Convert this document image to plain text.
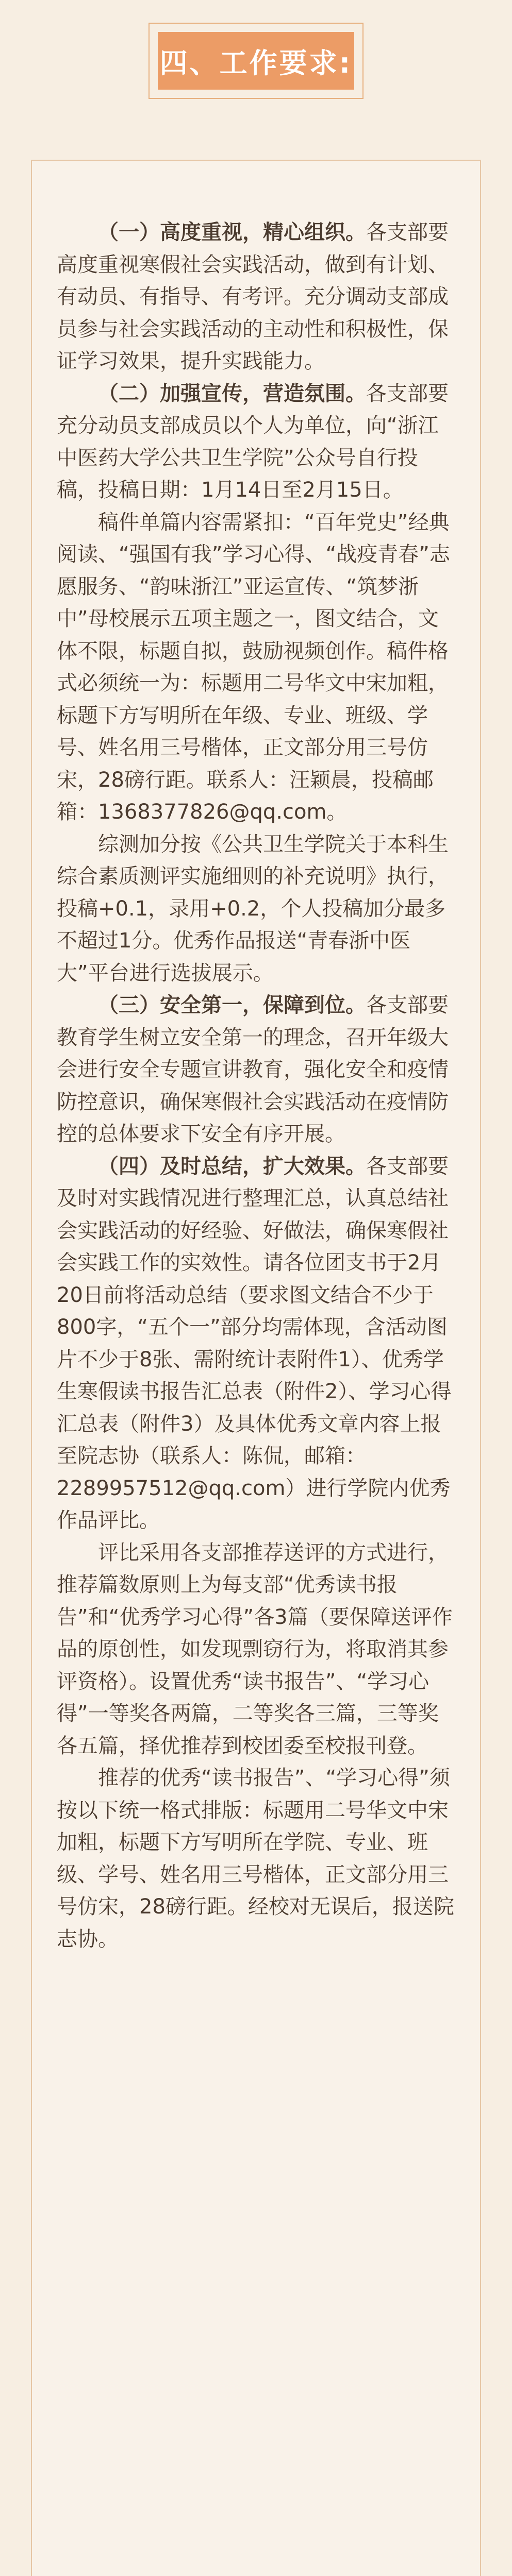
四、工作要求:

（一）高度重视，精心组织。各支部要高度重视寒假社会实践活动，做到有计划、有动员、有指导、有考评。充分调动支部成员参与社会实践活动的主动性和积极性，保证学习效果，提升实践能力。

（二）加强宣传，营造氛围。各支部要充分动员支部成员以个人为单位，向“浙江中医药大学公共卫生学院”公众号自行投稿，投稿日期：1月14日至2月15日。

稿件单篇内容需紧扣：“百年党史”经典阅读、“强国有我”学习心得、“战疫青春”志愿服务、“韵味浙江”亚运宣传、“筑梦浙中”母校展示五项主题之一，图文结合，文体不限，标题自拟，鼓励视频创作。稿件格式必须统一为：标题用二号华文中宋加粗，标题下方写明所在年级、专业、班级、学号、姓名用三号楷体，正文部分用三号仿宋，28磅行距。联系人：汪颖晨，投稿邮箱：1368377826@qq.com。

综测加分按《公共卫生学院关于本科生综合素质测评实施细则的补充说明》执行，投稿+0.1，录用+0.2，个人投稿加分最多不超过1分。优秀作品报送“青春浙中医大”平台进行选拔展示。

（三）安全第一，保障到位。各支部要教育学生树立安全第一的理念，召开年级大会进行安全专题宣讲教育，强化安全和疫情防控意识，确保寒假社会实践活动在疫情防控的总体要求下安全有序开展。

（四）及时总结，扩大效果。各支部要及时对实践情况进行整理汇总，认真总结社会实践活动的好经验、好做法，确保寒假社会实践工作的实效性。请各位团支书于2月20日前将活动总结（要求图文结合不少于800字，“五个一”部分均需体现，含活动图片不少于8张、需附统计表附件1）、优秀学生寒假读书报告汇总表（附件2）、学习心得汇总表（附件3）及具体优秀文章内容上报至院志协（联系人：陈侃，邮箱：2289957512@qq.com）进行学院内优秀作品评比。

评比采用各支部推荐送评的方式进行，推荐篇数原则上为每支部“优秀读书报告”和“优秀学习心得”各3篇（要保障送评作品的原创性，如发现剽窃行为，将取消其参评资格）。设置优秀“读书报告”、“学习心得”一等奖各两篇，二等奖各三篇，三等奖各五篇，择优推荐到校团委至校报刊登。

推荐的优秀“读书报告”、“学习心得”须按以下统一格式排版：标题用二号华文中宋加粗，标题下方写明所在学院、专业、班级、学号、姓名用三号楷体，正文部分用三号仿宋，28磅行距。经校对无误后，报送院志协。
